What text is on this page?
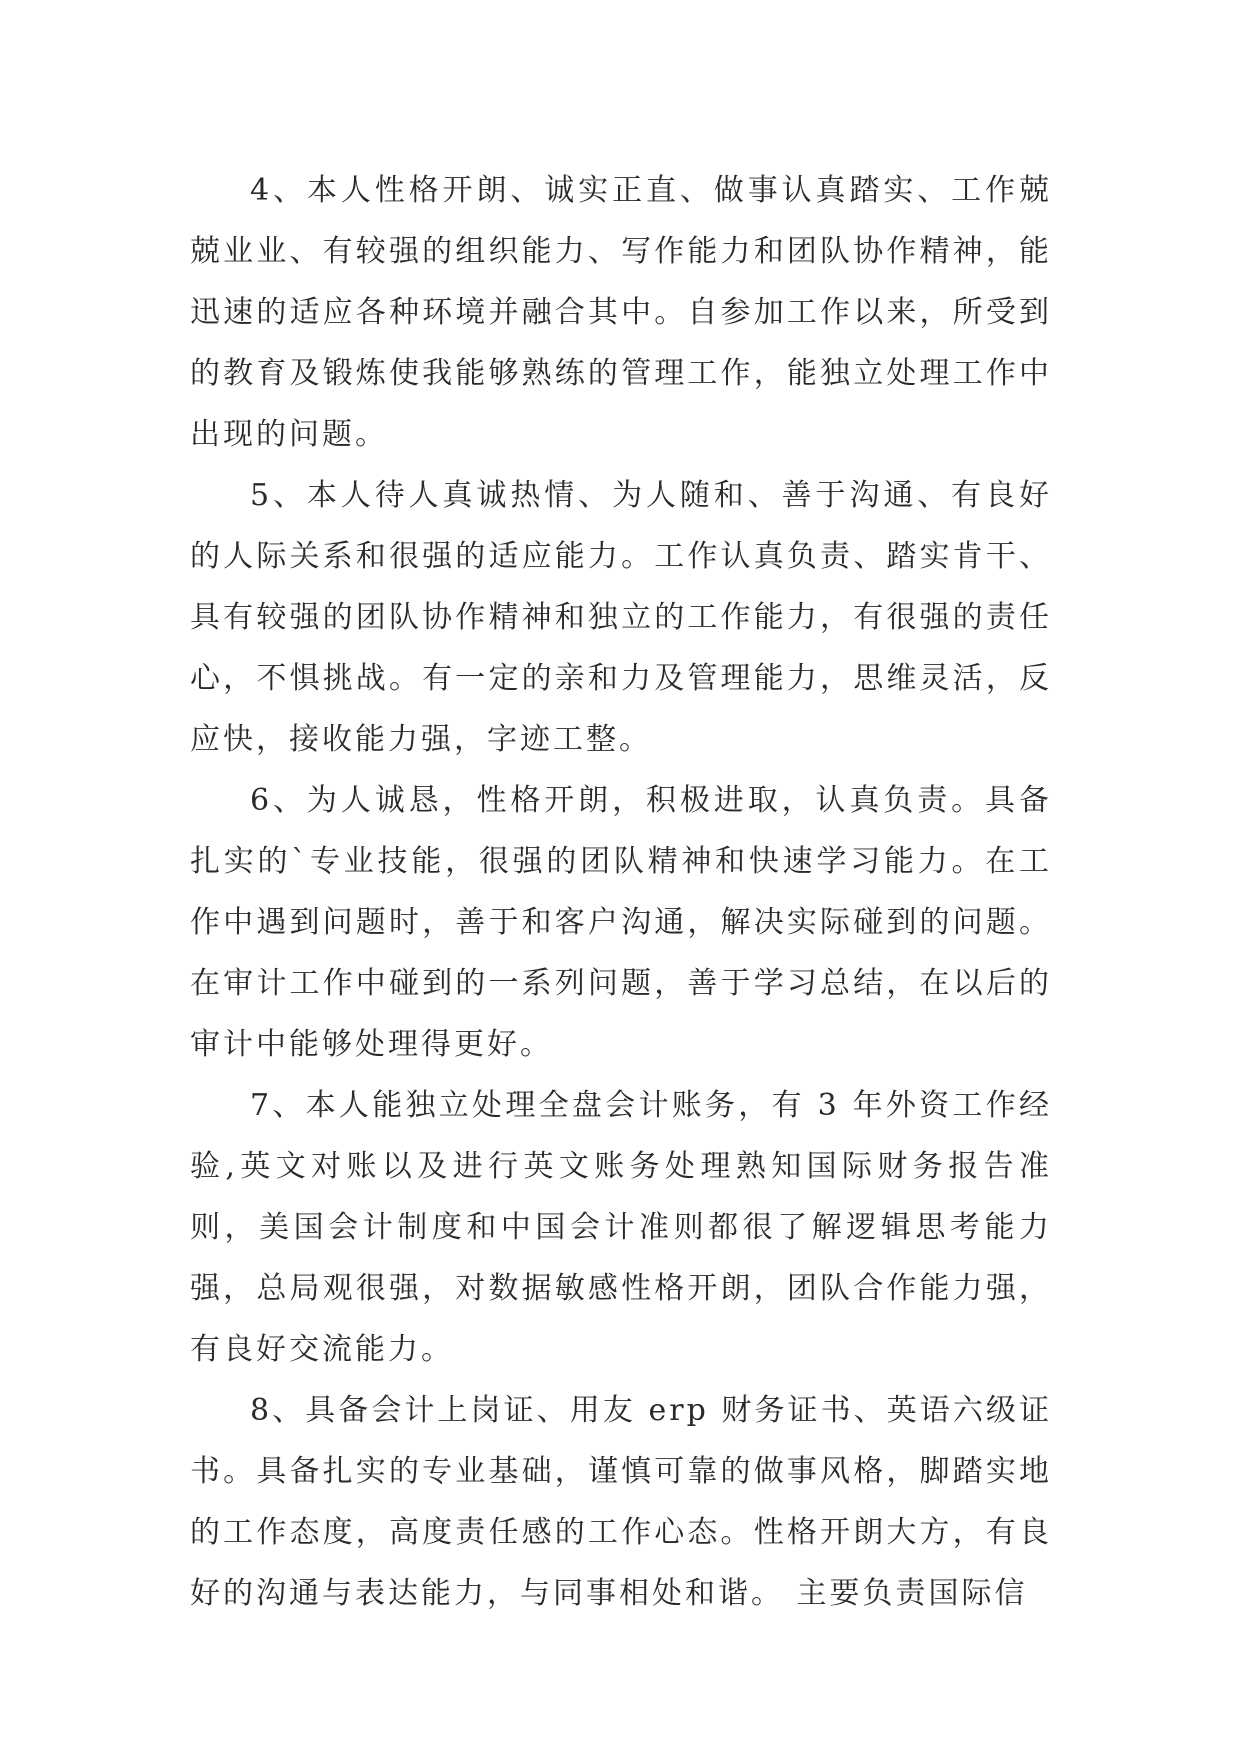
4、本人性格开朗、诚实正直、做事认真踏实、工作兢兢业业、有较强的组织能力、写作能力和团队协作精神，能迅速的适应各种环境并融合其中。自参加工作以来，所受到的教育及锻炼使我能够熟练的管理工作，能独立处理工作中出现的问题。

5、本人待人真诚热情、为人随和、善于沟通、有良好的人际关系和很强的适应能力。工作认真负责、踏实肯干、具有较强的团队协作精神和独立的工作能力，有很强的责任心，不惧挑战。有一定的亲和力及管理能力，思维灵活，反应快，接收能力强，字迹工整。

6、为人诚恳，性格开朗，积极进取，认真负责。具备扎实的`专业技能，很强的团队精神和快速学习能力。在工作中遇到问题时，善于和客户沟通，解决实际碰到的问题。在审计工作中碰到的一系列问题，善于学习总结，在以后的审计中能够处理得更好。

7、本人能独立处理全盘会计账务，有 3 年外资工作经验,英文对账以及进行英文账务处理熟知国际财务报告准则，美国会计制度和中国会计准则都很了解逻辑思考能力强，总局观很强，对数据敏感性格开朗，团队合作能力强，有良好交流能力。

8、具备会计上岗证、用友 erp 财务证书、英语六级证书。具备扎实的专业基础，谨慎可靠的做事风格，脚踏实地的工作态度，高度责任感的工作心态。性格开朗大方，有良好的沟通与表达能力，与同事相处和谐。 主要负责国际信
